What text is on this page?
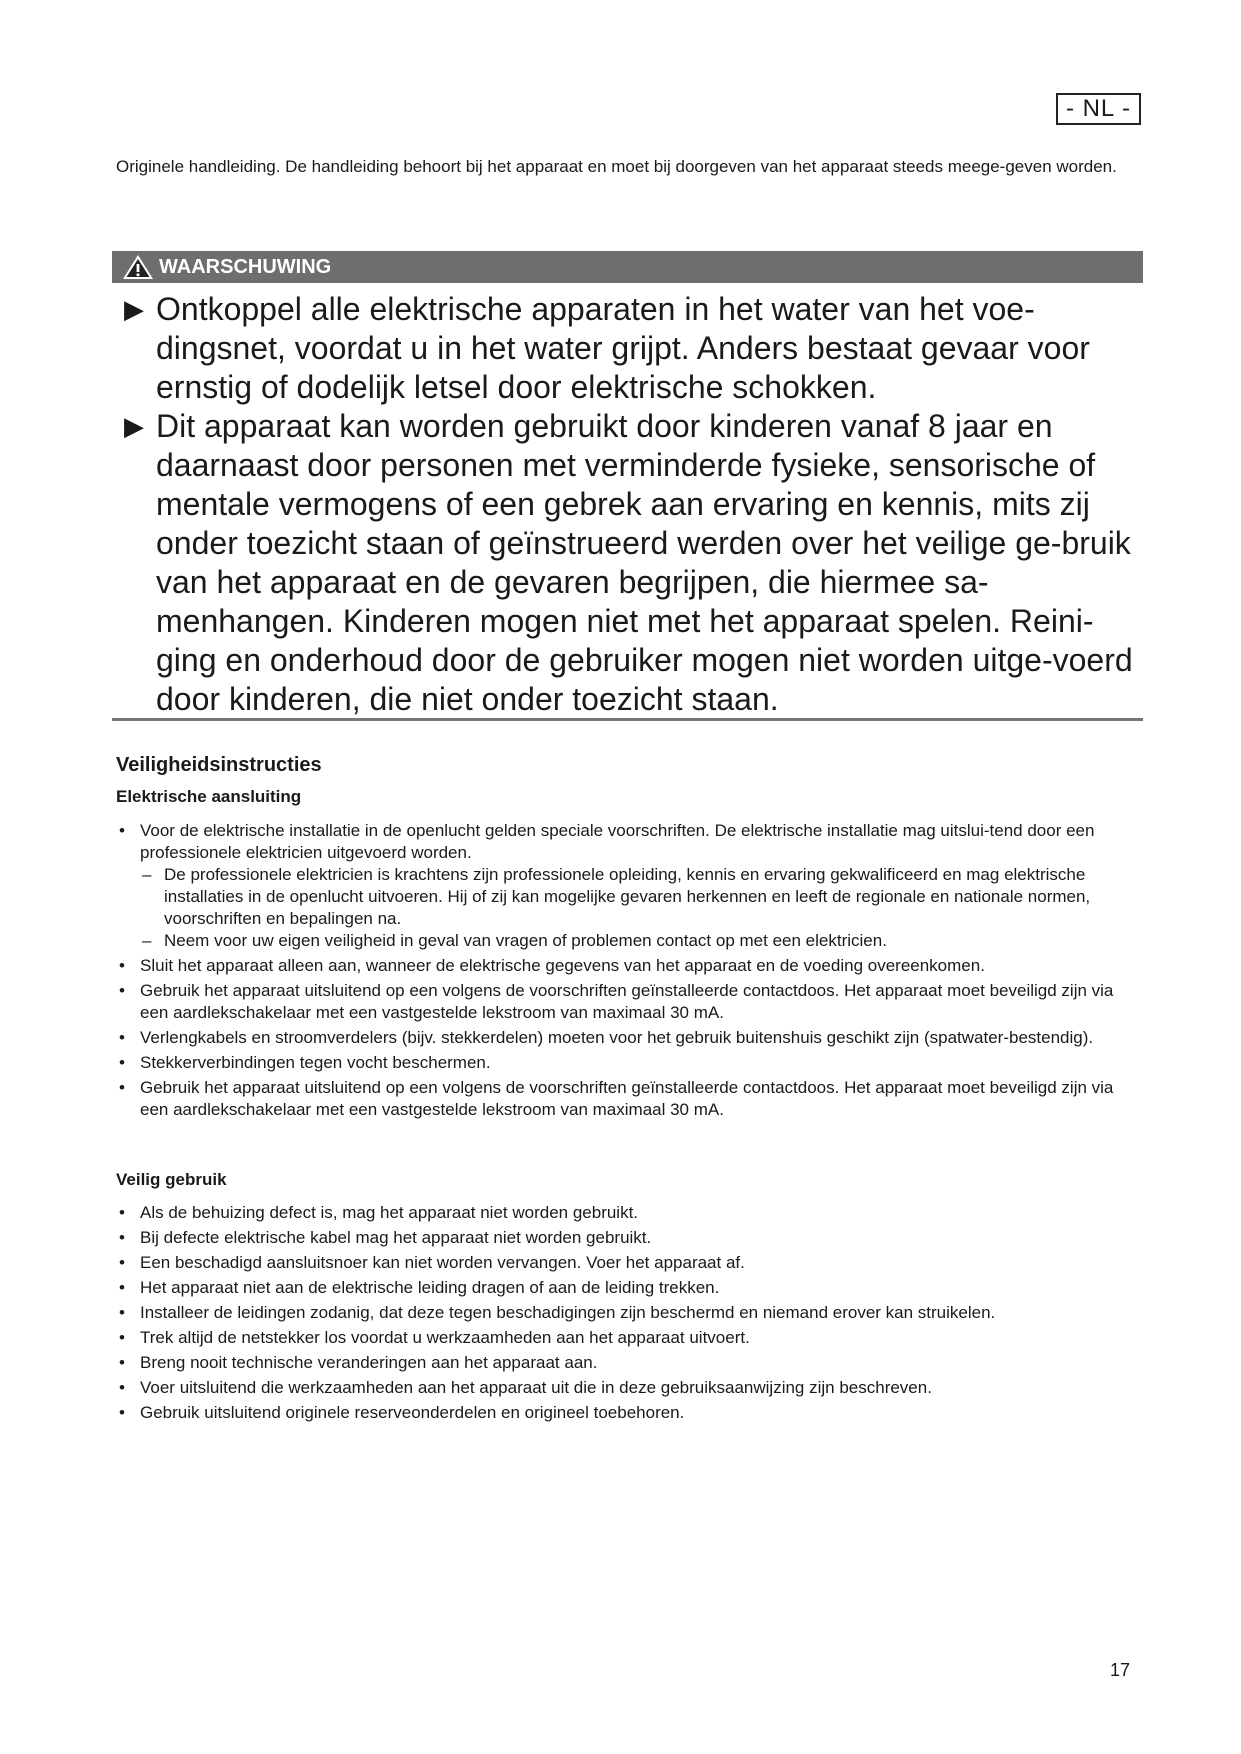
- NL -
Originele handleiding. De handleiding behoort bij het apparaat en moet bij doorgeven van het apparaat steeds meege-geven worden.
WAARSCHUWING
▶ Ontkoppel alle elektrische apparaten in het water van het voe-dingsnet, voordat u in het water grijpt. Anders bestaat gevaar voor ernstig of dodelijk letsel door elektrische schokken.
▶ Dit apparaat kan worden gebruikt door kinderen vanaf 8 jaar en daarnaast door personen met verminderde fysieke, sensorische of mentale vermogens of een gebrek aan ervaring en kennis, mits zij onder toezicht staan of geïnstrueerd werden over het veilige ge-bruik van het apparaat en de gevaren begrijpen, die hiermee sa-menhangen. Kinderen mogen niet met het apparaat spelen. Reini-ging en onderhoud door de gebruiker mogen niet worden uitge-voerd door kinderen, die niet onder toezicht staan.
Veiligheidsinstructies
Elektrische aansluiting
• Voor de elektrische installatie in de openlucht gelden speciale voorschriften. De elektrische installatie mag uitslui-tend door een professionele elektricien uitgevoerd worden.
– De professionele elektricien is krachtens zijn professionele opleiding, kennis en ervaring gekwalificeerd en mag elektrische installaties in de openlucht uitvoeren. Hij of zij kan mogelijke gevaren herkennen en leeft de regionale en nationale normen, voorschriften en bepalingen na.
– Neem voor uw eigen veiligheid in geval van vragen of problemen contact op met een elektricien.
• Sluit het apparaat alleen aan, wanneer de elektrische gegevens van het apparaat en de voeding overeenkomen.
• Gebruik het apparaat uitsluitend op een volgens de voorschriften geïnstalleerde contactdoos. Het apparaat moet beveiligd zijn via een aardlekschakelaar met een vastgestelde lekstroom van maximaal 30 mA.
• Verlengkabels en stroomverdelers (bijv. stekkerdelen) moeten voor het gebruik buitenshuis geschikt zijn (spatwater-bestendig).
• Stekkerverbindingen tegen vocht beschermen.
• Gebruik het apparaat uitsluitend op een volgens de voorschriften geïnstalleerde contactdoos. Het apparaat moet beveiligd zijn via een aardlekschakelaar met een vastgestelde lekstroom van maximaal 30 mA.
Veilig gebruik
• Als de behuizing defect is, mag het apparaat niet worden gebruikt.
• Bij defecte elektrische kabel mag het apparaat niet worden gebruikt.
• Een beschadigd aansluitsnoer kan niet worden vervangen. Voer het apparaat af.
• Het apparaat niet aan de elektrische leiding dragen of aan de leiding trekken.
• Installeer de leidingen zodanig, dat deze tegen beschadigingen zijn beschermd en niemand erover kan struikelen.
• Trek altijd de netstekker los voordat u werkzaamheden aan het apparaat uitvoert.
• Breng nooit technische veranderingen aan het apparaat aan.
• Voer uitsluitend die werkzaamheden aan het apparaat uit die in deze gebruiksaanwijzing zijn beschreven.
• Gebruik uitsluitend originele reserveonderdelen en origineel toebehoren.
17
